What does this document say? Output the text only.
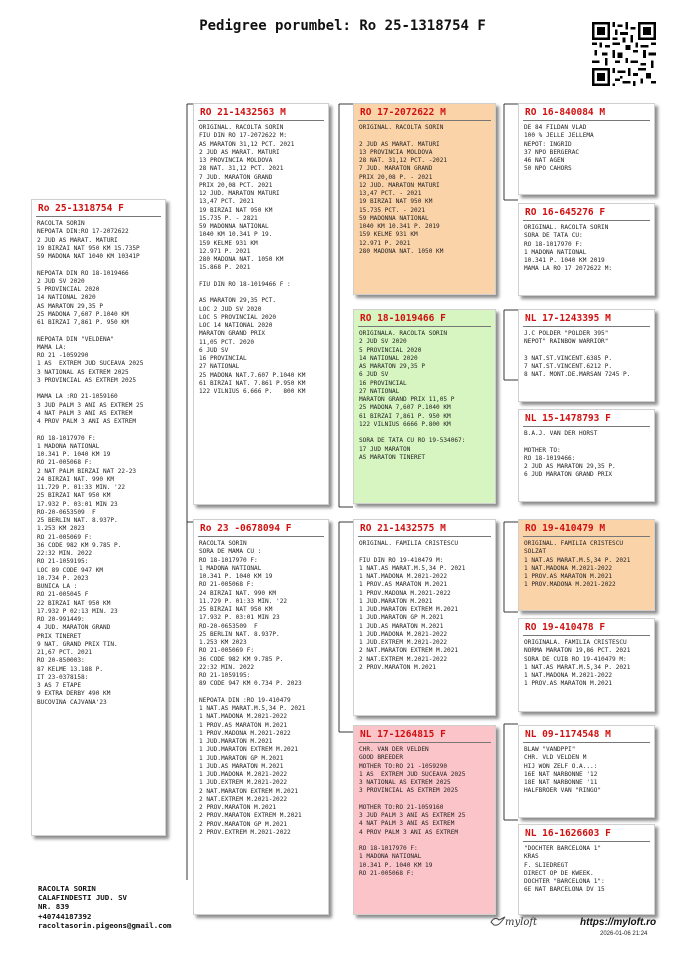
Pedigree porumbel: Ro 25-1318754 F
Ro 25-1318754 F
RACOLTA SORIN
NEPOATA DIN:RO 17-2072622
2 JUD AS MARAT. MATURI
19 BIRZAI NAT 950 KM 15.735P
59 MADONA NAT 1040 KM 10341P

NEPOATA DIN RO 18-1019466
2 JUD SV 2020
5 PROVINCIAL 2020
14 NATIONAL 2020
AS MARATON 29,35 P
25 MADONA 7,607 P.1040 KM
61 BIRZAI 7,861 P. 950 KM

NEPOATA DIN "VELDENA"
MAMA LA:
RO 21 -1059290
1 AS  EXTREM JUD SUCEAVA 2025
3 NATIONAL AS EXTREM 2025
3 PROVINCIAL AS EXTREM 2025

MAMA LA :RO 21-1059160
3 JUD PALM 3 ANI AS EXTREM 25
4 NAT PALM 3 ANI AS EXTREM
4 PROV PALM 3 ANI AS EXTREM

RO 18-1017970 F:
1 MADONA NATIONAL
10.341 P. 1040 KM 19
RO 21-005068 F:
2 NAT PALM BIRZAI NAT 22-23
24 BIRZAI NAT. 990 KM
11.729 P. 01:33 MIN. '22
25 BIRZAI NAT 950 KM
17.932 P. 03:01 MIN 23
RO-20-0653509  F
25 BERLIN NAT. 8.937P.
1.253 KM 2023
RO 21-005069 F:
36 CODE 982 KM 9.785 P.
22:32 MIN. 2022
RO 21-1059195:
LOC 89 CODE 947 KM
10.734 P. 2023
BUNICA LA :
RO 21-005045 F
22 BIRZAI NAT 950 KM
17.932 P 02:13 MIN. 23
RO 20-991449:
4 JUD. MARATON GRAND
PRIX TINERET
9 NAT. GRAND PRIX TIN.
21,67 PCT. 2021
RO 20-850003:
87 KELME 13.188 P.
IT 23-0378158:
3 AS 7 ETAPE
9 EXTRA DERBY 490 KM
BUCOVINA CAJVANA'23
RO 21-1432563 M
ORIGINAL. RACOLTA SORIN
FIU DIN RO 17-2072622 M:
AS MARATON 31,12 PCT. 2021
2 JUD AS MARAT. MATURI
13 PROVINCIA MOLDOVA
28 NAT. 31,12 PCT. 2021
7 JUD. MARATON GRAND
PRIX 20,08 PCT. 2021
12 JUD. MARATON MATURI
13,47 PCT. 2021
19 BIRZAI NAT 950 KM
15.735 P. - 2821
59 MADONNA NATIONAL
1040 KM 10.341 P 19.
159 KELME 931 KM
12.971 P. 2021
280 MADONA NAT. 1050 KM
15.868 P. 2021

FIU DIN RO 18-1019466 F :

AS MARATON 29,35 PCT.
LOC 2 JUD SV 2020
LOC 5 PROVINCIAL 2020
LOC 14 NATIONAL 2020
MARATON GRAND PRIX
11,05 PCT. 2020
6 JUD SV
16 PROVINCIAL
27 NATIONAL
25 MADONA NAT.7.607 P.1040 KM
61 BIRZAI NAT. 7.861 P.950 KM
122 VILNIUS 6.666 P.   800 KM
Ro 23 -0678094 F
RACOLTA SORIN
SORA DE MAMA CU :
RO 18-1017970 F:
1 MADONA NATIONAL
10.341 P. 1040 KM 19
RO 21-005068 F:
24 BIRZAI NAT. 990 KM
11.729 P. 01:33 MIN. '22
25 BIRZAI NAT 950 KM
17.932 P. 03:01 MIN 23
RO-20-0653509  F
25 BERLIN NAT. 8.937P.
1.253 KM 2023
RO 21-005069 F:
36 CODE 982 KM 9.785 P.
22:32 MIN. 2022
RO 21-1059195:
89 CODE 947 KM 0.734 P. 2023

NEPOATA DIN :RO 19-410479
1 NAT.AS MARAT.M.5,34 P. 2021
1 NAT.MADONA M.2021-2022
1 PROV.AS MARATON M.2021
1 PROV.MADONA M.2021-2022
1 JUD.MARATON M.2021
1 JUD.MARATON EXTREM M.2021
1 JUD.MARATON GP M.2021
1 JUD.AS MARATON M.2021
1 JUD.MADONA M.2021-2022
1 JUD.EXTREM M.2021-2022
2 NAT.MARATON EXTREM M.2021
2 NAT.EXTREM M.2021-2022
2 PROV.MARATON M.2021
2 PROV.MARATON EXTREM M.2021
2 PROV.MARATON GP M.2021
2 PROV.EXTREM M.2021-2022
RO 17-2072622 M
ORIGINAL. RACOLTA SORIN

2 JUD AS MARAT. MATURI
13 PROVINCIA MOLDOVA
28 NAT. 31,12 PCT. -2021
7 JUD. MARATON GRAND
PRIX 20,08 P. - 2021
12 JUD. MARATON MATURI
13,47 PCT. - 2021
19 BIRZAI NAT 950 KM
15.735 PCT. - 2021
59 MADONNA NATIONAL
1040 KM 10.341 P. 2019
159 KELME 931 KM
12.971 P. 2021
280 MADONA NAT. 1050 KM
RO 18-1019466 F
ORIGINALA. RACOLTA SORIN
2 JUD SV 2020
5 PROVINCIAL 2020
14 NATIONAL 2020
AS MARATON 29,35 P
6 JUD SV
16 PROVINCIAL
27 NATIONAL
MARATON GRAND PRIX 11,05 P
25 MADONA 7,607 P.1040 KM
61 BIRZAI 7,861 P. 950 KM
122 VILNIUS 6666 P.800 KM

SORA DE TATA CU RO 19-534067:
17 JUD MARATON
AS MARATON TINERET
RO 21-1432575 M
ORIGINAL. FAMILIA CRISTESCU

FIU DIN RO 19-410479 M:
1 NAT.AS MARAT.M.5,34 P. 2021
1 NAT.MADONA M.2021-2022
1 PROV.AS MARATON M.2021
1 PROV.MADONA M.2021-2022
1 JUD.MARATON M.2021
1 JUD.MARATON EXTREM M.2021
1 JUD.MARATON GP M.2021
1 JUD.AS MARATON M.2021
1 JUD.MADONA M.2021-2022
1 JUD.EXTREM M.2021-2022
2 NAT.MARATON EXTREM M.2021
2 NAT.EXTREM M.2021-2022
2 PROV.MARATON M.2021
NL 17-1264815 F
CHR. VAN DER VELDEN
GOOD BREEDER
MOTHER TO:RO 21 -1059290
1 AS  EXTREM JUD SUCEAVA 2025
3 NATIONAL AS EXTREM 2025
3 PROVINCIAL AS EXTREM 2025

MOTHER TO:RO 21-1059160
3 JUD PALM 3 ANI AS EXTREM 25
4 NAT PALM 3 ANI AS EXTREM
4 PROV PALM 3 ANI AS EXTREM

RO 18-1017970 F:
1 MADONA NATIONAL
10.341 P. 1040 KM 19
RO 21-005068 F:
RO 16-840084 M
DE 84 FILDAN VLAD
100 % JELLE JELLEMA
NEPOT: INGRID
37 NPO BERGERAC
46 NAT AGEN
50 NPO CAHORS
RO 16-645276 F
ORIGINAL. RACOLTA SORIN
SORA DE TATA CU:
RO 18-1017970 F:
1 MADONA NATIONAL
10.341 P. 1040 KM 2019
MAMA LA RO 17 2072622 M:
NL 17-1243395 M
J.C POLDER "POLDER 395"
NEPOT" RAINBOW WARRIOR"

3 NAT.ST.VINCENT.6385 P.
7 NAT.ST.VINCENT.6212 P.
8 NAT. MONT.DE.MARSAN 7245 P.
NL 15-1478793 F
B.A.J. VAN DER HORST

MOTHER TO:
RO 18-1019466:
2 JUD AS MARATON 29,35 P.
6 JUD MARATON GRAND PRIX
RO 19-410479 M
ORIGINAL. FAMILIA CRISTESCU
SOLZAT
1 NAT.AS MARAT.M.5,34 P. 2021
1 NAT.MADONA M.2021-2022
1 PROV.AS MARATON M.2021
1 PROV.MADONA M.2021-2022
RO 19-410478 F
ORIGINALA. FAMILIA CRISTESCU
NORMA MARATON 19,86 PCT. 2021
SORA DE CUIB RO 19-410479 M:
1 NAT.AS MARAT.M.5,34 P. 2021
1 NAT.MADONA M.2021-2022
1 PROV.AS MARATON M.2021
NL 09-1174548 M
BLAW "VANDPPI"
CHR. VLD VELDEN M
HIJ WON ZELF O.A...:
16E NAT NARBONNE '12
18E NAT NARBONNE '11
HALFBROER VAN "RINGO"
NL 16-1626603 F
"DOCHTER BARCELONA 1"
KRAS
F. SLIEDREGT
DIRECT OP DE KWEEK.
DOCHTER "BARCELONA 1":
6E NAT BARCELONA DV 15
RACOLTA SORIN
CALAFINDESTI JUD. SV
NR. 839
+40744187392
racoltasorin.pigeons@gmail.com	myloft	https://myloft.ro
2026-01-06 21:24
